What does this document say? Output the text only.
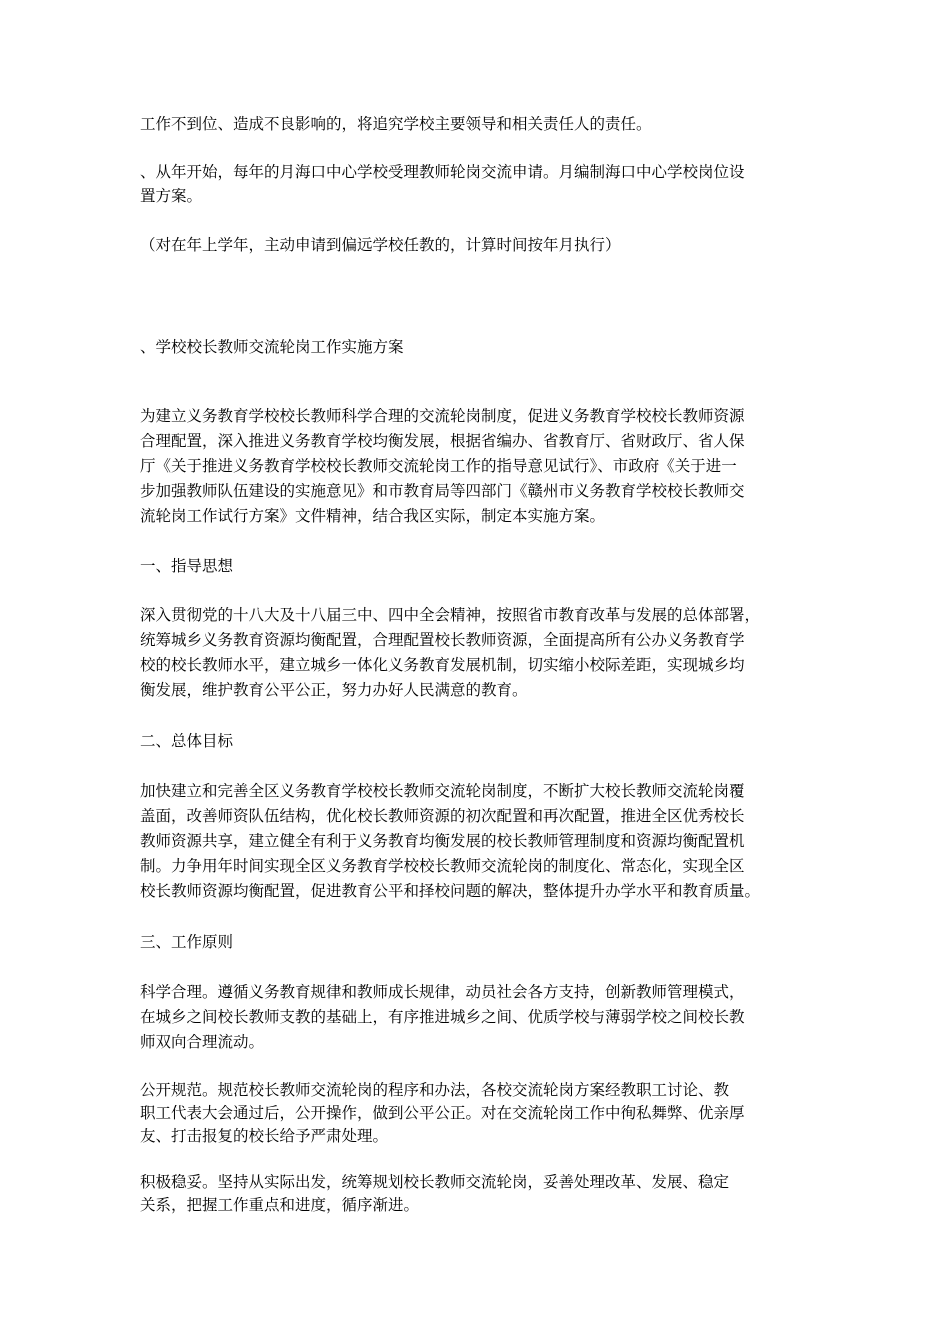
工作不到位、造成不良影响的，将追究学校主要领导和相关责任人的责任。
、从年开始，每年的月海口中心学校受理教师轮岗交流申请。月编制海口中心学校岗位设
置方案。
（对在年上学年，主动申请到偏远学校任教的，计算时间按年月执行）
、学校校长教师交流轮岗工作实施方案
为建立义务教育学校校长教师科学合理的交流轮岗制度，促进义务教育学校校长教师资源
合理配置，深入推进义务教育学校均衡发展，根据省编办、省教育厅、省财政厅、省人保
厅《关于推进义务教育学校校长教师交流轮岗工作的指导意见试行》、市政府《关于进一
步加强教师队伍建设的实施意见》和市教育局等四部门《赣州市义务教育学校校长教师交
流轮岗工作试行方案》文件精神，结合我区实际，制定本实施方案。
一、指导思想
深入贯彻党的十八大及十八届三中、四中全会精神，按照省市教育改革与发展的总体部署，
统筹城乡义务教育资源均衡配置，合理配置校长教师资源，全面提高所有公办义务教育学
校的校长教师水平，建立城乡一体化义务教育发展机制，切实缩小校际差距，实现城乡均
衡发展，维护教育公平公正，努力办好人民满意的教育。
二、总体目标
加快建立和完善全区义务教育学校校长教师交流轮岗制度，不断扩大校长教师交流轮岗覆
盖面，改善师资队伍结构，优化校长教师资源的初次配置和再次配置，推进全区优秀校长
教师资源共享，建立健全有利于义务教育均衡发展的校长教师管理制度和资源均衡配置机
制。力争用年时间实现全区义务教育学校校长教师交流轮岗的制度化、常态化，实现全区
校长教师资源均衡配置，促进教育公平和择校问题的解决，整体提升办学水平和教育质量。
三、工作原则
科学合理。遵循义务教育规律和教师成长规律，动员社会各方支持，创新教师管理模式，
在城乡之间校长教师支教的基础上，有序推进城乡之间、优质学校与薄弱学校之间校长教
师双向合理流动。
公开规范。规范校长教师交流轮岗的程序和办法，各校交流轮岗方案经教职工讨论、教
职工代表大会通过后，公开操作，做到公平公正。对在交流轮岗工作中徇私舞弊、优亲厚
友、打击报复的校长给予严肃处理。
积极稳妥。坚持从实际出发，统筹规划校长教师交流轮岗，妥善处理改革、发展、稳定
关系，把握工作重点和进度，循序渐进。
